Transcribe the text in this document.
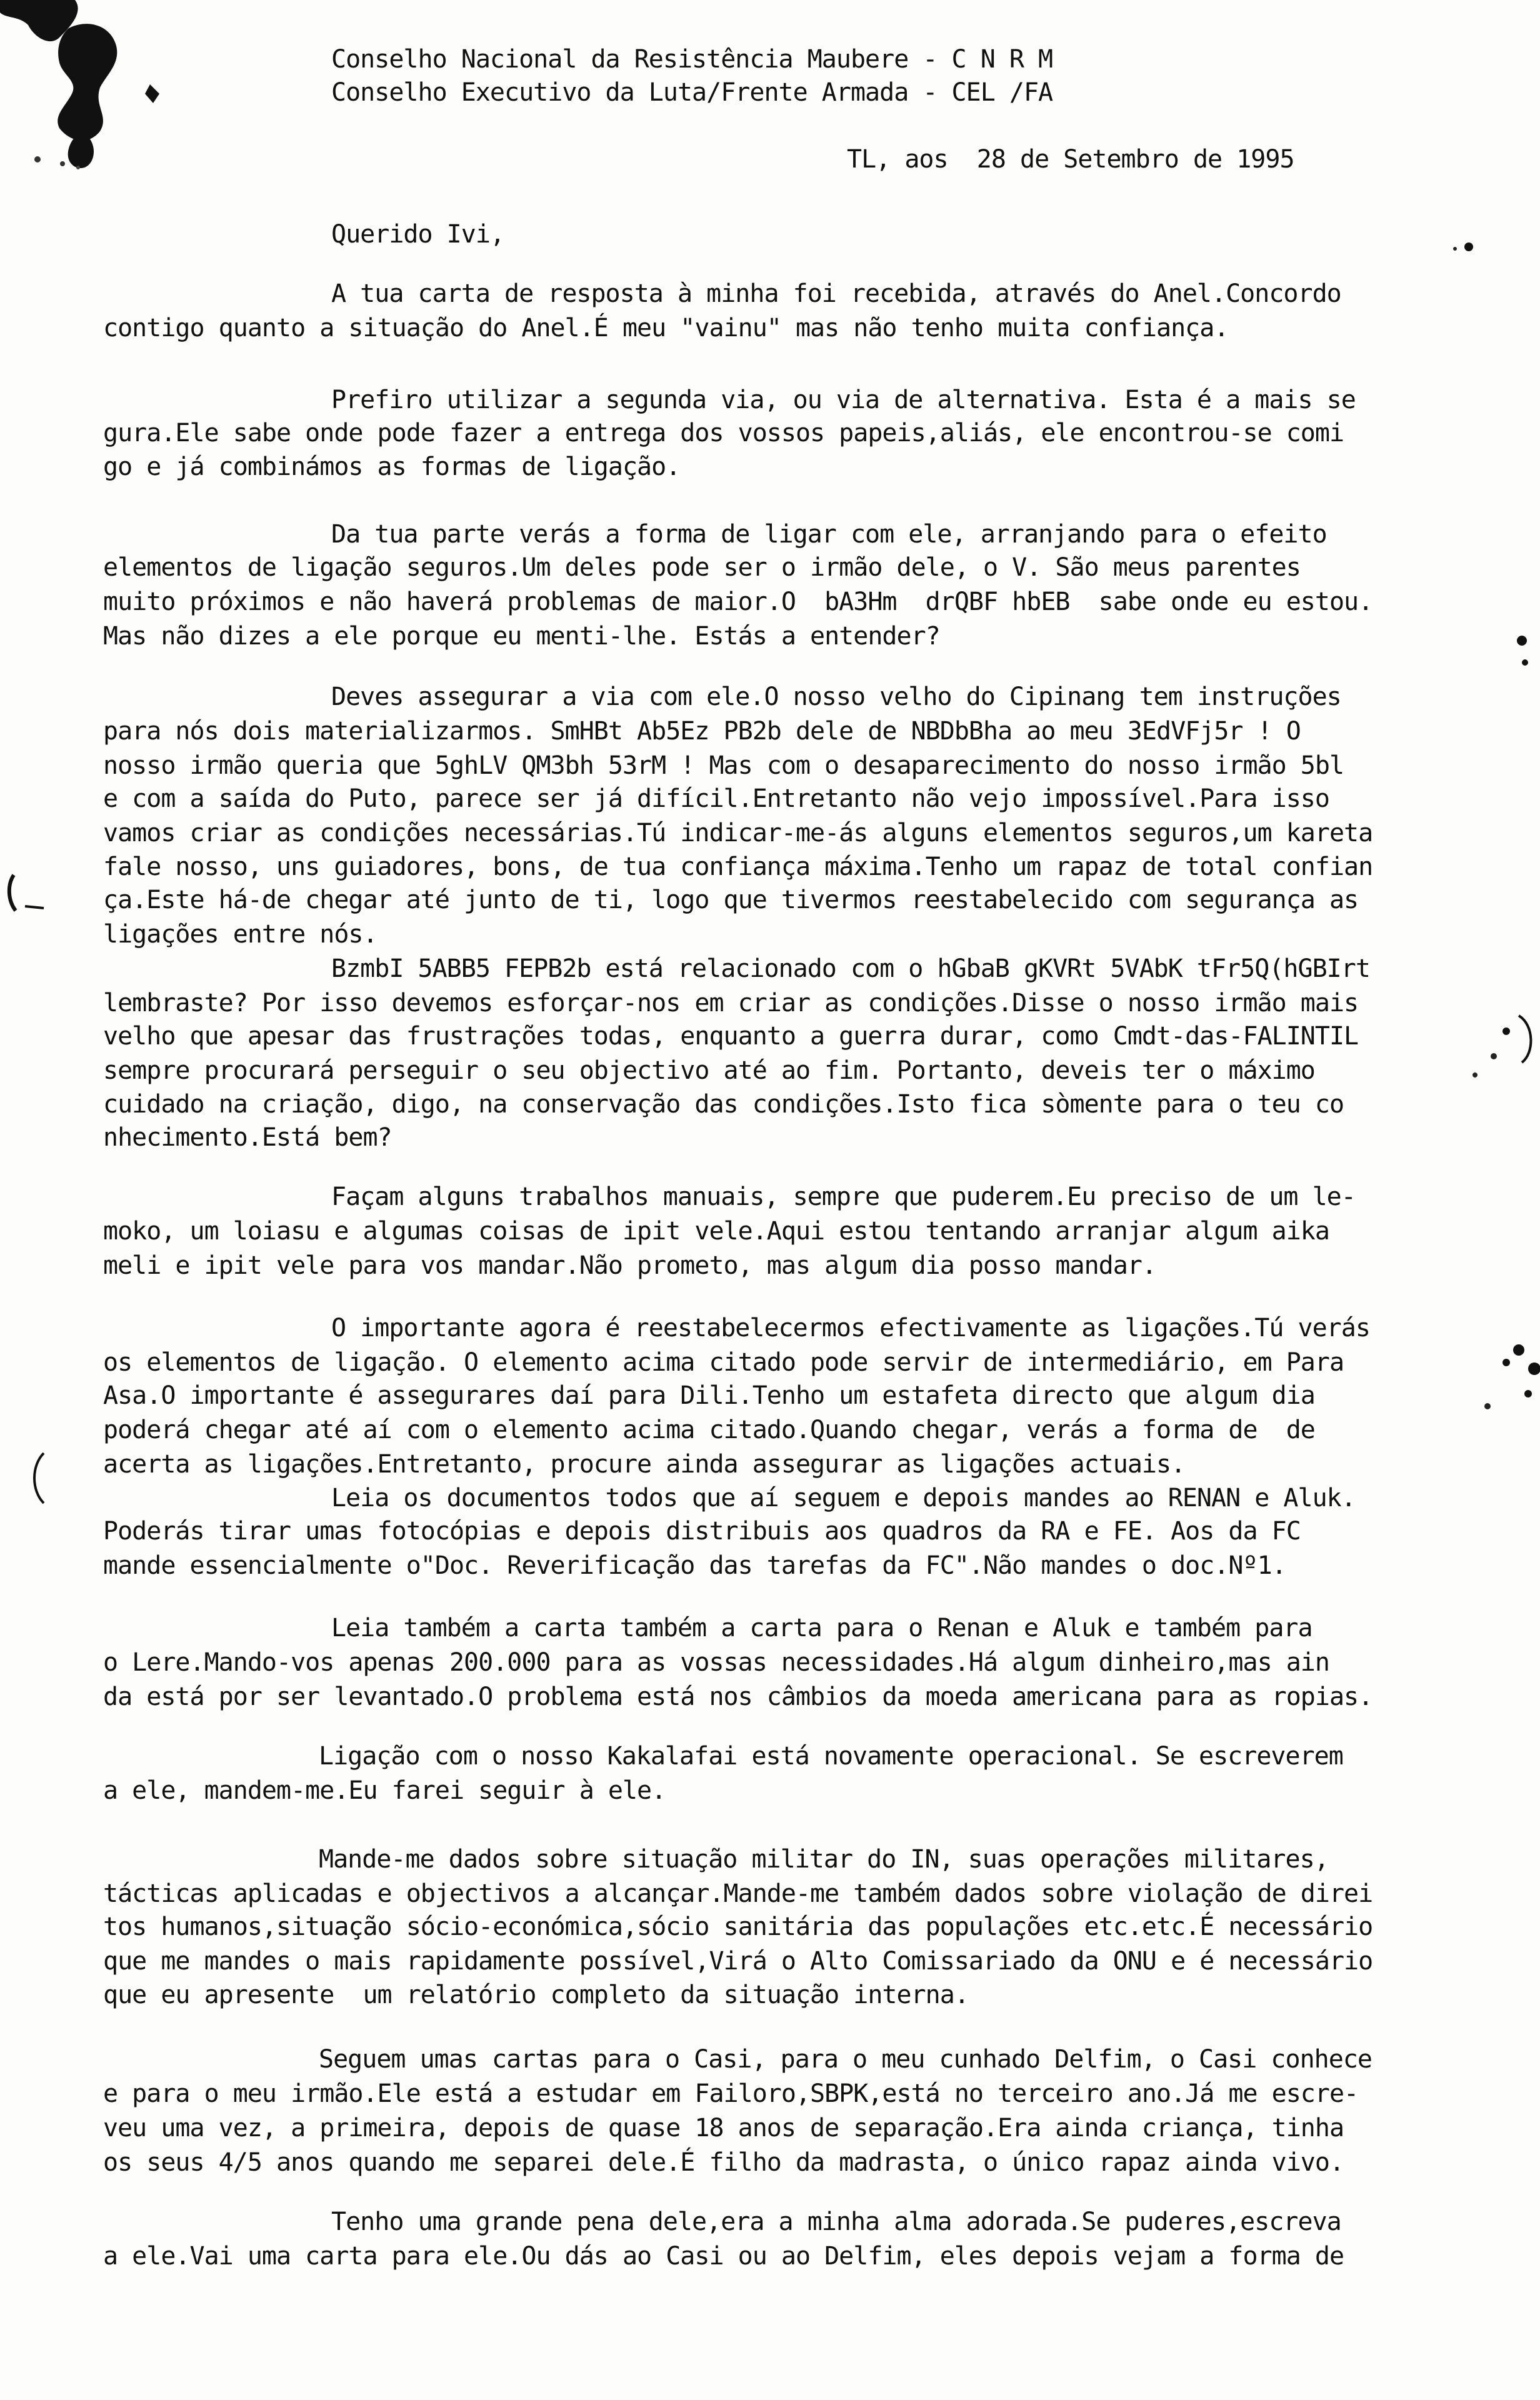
Conselho Nacional da Resistência Maubere - C N R M
Conselho Executivo da Luta/Frente Armada - CEL /FA
TL, aos  28 de Setembro de 1995
Querido Ivi,
A tua carta de resposta à minha foi recebida, através do Anel.Concordo
contigo quanto a situação do Anel.É meu "vainu" mas não tenho muita confiança.
Prefiro utilizar a segunda via, ou via de alternativa. Esta é a mais se
gura.Ele sabe onde pode fazer a entrega dos vossos papeis,aliás, ele encontrou-se comi
go e já combinámos as formas de ligação.
Da tua parte verás a forma de ligar com ele, arranjando para o efeito
elementos de ligação seguros.Um deles pode ser o irmão dele, o V. São meus parentes
muito próximos e não haverá problemas de maior.O  bA3Hm  drQBF hbEB  sabe onde eu estou.
Mas não dizes a ele porque eu menti-lhe. Estás a entender?
Deves assegurar a via com ele.O nosso velho do Cipinang tem instruções
para nós dois materializarmos. SmHBt Ab5Ez PB2b dele de NBDbBha ao meu 3EdVFj5r ! O
nosso irmão queria que 5ghLV QM3bh 53rM ! Mas com o desaparecimento do nosso irmão 5bl
e com a saída do Puto, parece ser já difícil.Entretanto não vejo impossível.Para isso
vamos criar as condições necessárias.Tú indicar-me-ás alguns elementos seguros,um kareta
fale nosso, uns guiadores, bons, de tua confiança máxima.Tenho um rapaz de total confian
ça.Este há-de chegar até junto de ti, logo que tivermos reestabelecido com segurança as
ligações entre nós.
BzmbI 5ABB5 FEPB2b está relacionado com o hGbaB gKVRt 5VAbK tFr5Q(hGBIrt
lembraste? Por isso devemos esforçar-nos em criar as condições.Disse o nosso irmão mais
velho que apesar das frustrações todas, enquanto a guerra durar, como Cmdt-das-FALINTIL
sempre procurará perseguir o seu objectivo até ao fim. Portanto, deveis ter o máximo
cuidado na criação, digo, na conservação das condições.Isto fica sòmente para o teu co
nhecimento.Está bem?
Façam alguns trabalhos manuais, sempre que puderem.Eu preciso de um le-
moko, um loiasu e algumas coisas de ipit vele.Aqui estou tentando arranjar algum aika
meli e ipit vele para vos mandar.Não prometo, mas algum dia posso mandar.
O importante agora é reestabelecermos efectivamente as ligações.Tú verás
os elementos de ligação. O elemento acima citado pode servir de intermediário, em Para
Asa.O importante é assegurares daí para Dili.Tenho um estafeta directo que algum dia
poderá chegar até aí com o elemento acima citado.Quando chegar, verás a forma de  de
acerta as ligações.Entretanto, procure ainda assegurar as ligações actuais.
Leia os documentos todos que aí seguem e depois mandes ao RENAN e Aluk.
Poderás tirar umas fotocópias e depois distribuis aos quadros da RA e FE. Aos da FC
mande essencialmente o"Doc. Reverificação das tarefas da FC".Não mandes o doc.Nº1.
Leia também a carta também a carta para o Renan e Aluk e também para
o Lere.Mando-vos apenas 200.000 para as vossas necessidades.Há algum dinheiro,mas ain
da está por ser levantado.O problema está nos câmbios da moeda americana para as ropias.
Ligação com o nosso Kakalafai está novamente operacional. Se escreverem
a ele, mandem-me.Eu farei seguir à ele.
Mande-me dados sobre situação militar do IN, suas operações militares,
tácticas aplicadas e objectivos a alcançar.Mande-me também dados sobre violação de direi
tos humanos,situação sócio-económica,sócio sanitária das populações etc.etc.É necessário
que me mandes o mais rapidamente possível,Virá o Alto Comissariado da ONU e é necessário
que eu apresente  um relatório completo da situação interna.
Seguem umas cartas para o Casi, para o meu cunhado Delfim, o Casi conhece
e para o meu irmão.Ele está a estudar em Failoro,SBPK,está no terceiro ano.Já me escre-
veu uma vez, a primeira, depois de quase 18 anos de separação.Era ainda criança, tinha
os seus 4/5 anos quando me separei dele.É filho da madrasta, o único rapaz ainda vivo.
Tenho uma grande pena dele,era a minha alma adorada.Se puderes,escreva
a ele.Vai uma carta para ele.Ou dás ao Casi ou ao Delfim, eles depois vejam a forma de
